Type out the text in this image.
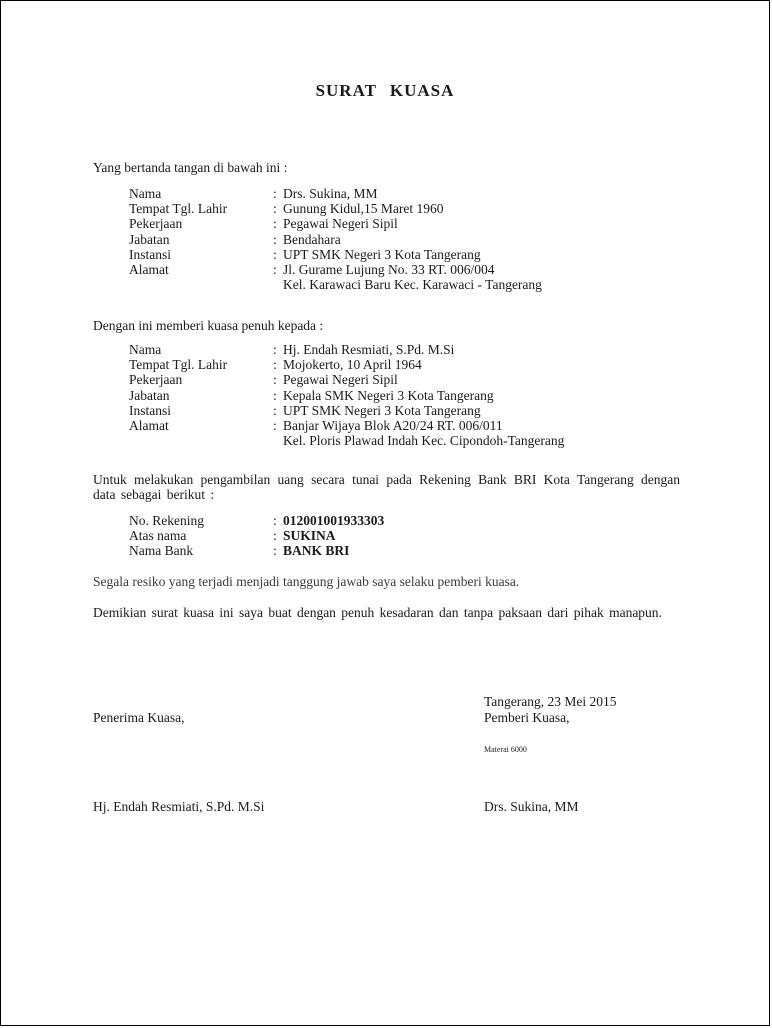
SURAT KUASA
Yang bertanda tangan di bawah ini :
Nama	: Drs. Sukina, MM
Tempat Tgl. Lahir	: Gunung Kidul,15 Maret 1960
Pekerjaan	: Pegawai Negeri Sipil
Jabatan	: Bendahara
Instansi	: UPT SMK Negeri 3 Kota Tangerang
Alamat	: Jl. Gurame Lujung No. 33 RT. 006/004
Kel. Karawaci Baru Kec. Karawaci - Tangerang
Dengan ini memberi kuasa penuh kepada :
Nama	: Hj. Endah Resmiati, S.Pd. M.Si
Tempat Tgl. Lahir	: Mojokerto, 10 April 1964
Pekerjaan	: Pegawai Negeri Sipil
Jabatan	: Kepala SMK Negeri 3 Kota Tangerang
Instansi	: UPT SMK Negeri 3 Kota Tangerang
Alamat	: Banjar Wijaya Blok A20/24 RT. 006/011
Kel. Ploris Plawad Indah Kec. Cipondoh-Tangerang
Untuk melakukan pengambilan uang secara tunai pada Rekening Bank BRI Kota Tangerang dengan data sebagai berikut :
No. Rekening	: 012001001933303
Atas nama	: SUKINA
Nama Bank	: BANK BRI
Segala resiko yang terjadi menjadi tanggung jawab saya selaku pemberi kuasa.
Demikian surat kuasa ini saya buat dengan penuh kesadaran dan tanpa paksaan dari pihak manapun.
Tangerang, 23 Mei 2015
Penerima Kuasa,	Pemberi Kuasa,
Materai 6000
Hj. Endah Resmiati, S.Pd. M.Si	Drs. Sukina, MM
